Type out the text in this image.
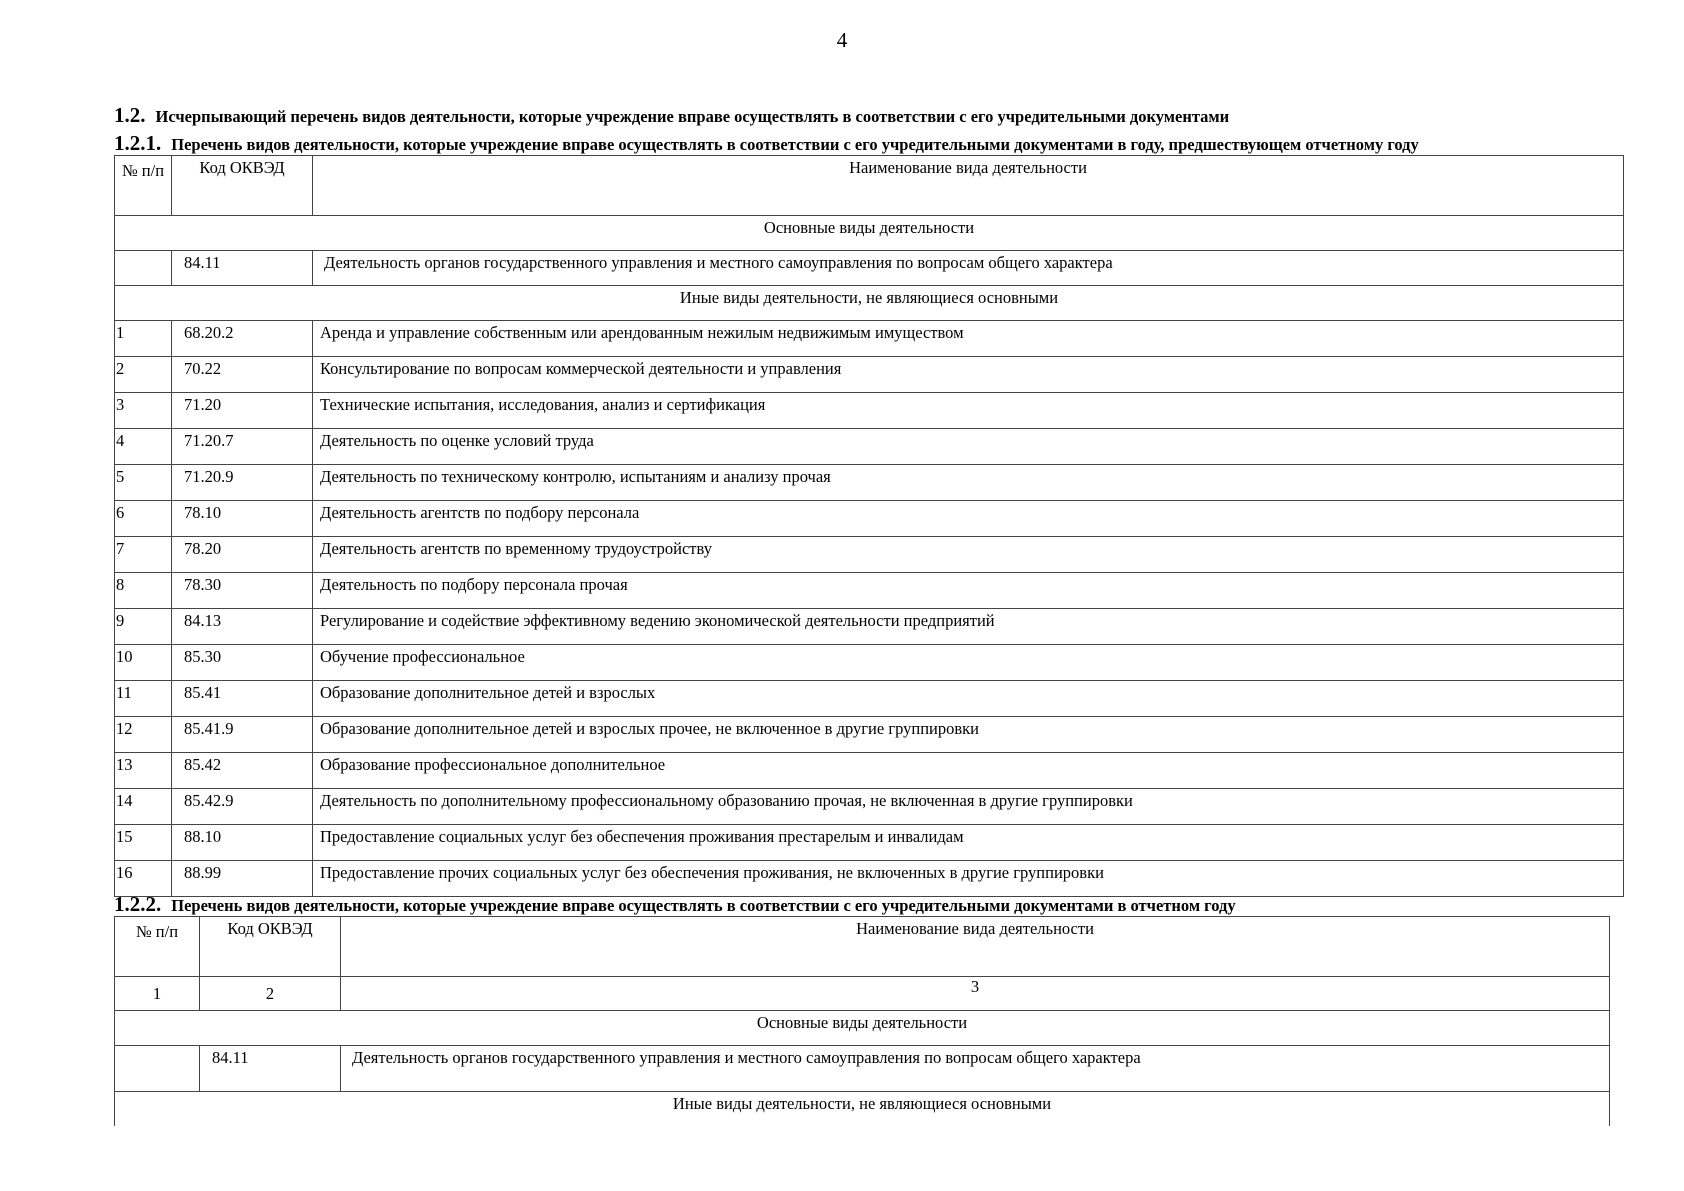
4
1.2. Исчерпывающий перечень видов деятельности, которые учреждение вправе осуществлять в соответствии с его учредительными документами
1.2.1. Перечень видов деятельности, которые учреждение вправе осуществлять в соответствии с его учредительными документами в году, предшествующем отчетному году
№ п/п	Код ОКВЭД	Наименование вида деятельности
Основные виды деятельности		
	84.11	Деятельность органов государственного управления и местного самоуправления по вопросам общего характера
Иные виды деятельности, не являющиеся основными		
1	68.20.2	Аренда и управление собственным или арендованным нежилым недвижимым имуществом
2	70.22	Консультирование по вопросам коммерческой деятельности и управления
3	71.20	Технические испытания, исследования, анализ и сертификация
4	71.20.7	Деятельность по оценке условий труда
5	71.20.9	Деятельность по техническому контролю, испытаниям и анализу прочая
6	78.10	Деятельность агентств по подбору персонала
7	78.20	Деятельность агентств по временному трудоустройству
8	78.30	Деятельность по подбору персонала прочая
9	84.13	Регулирование и содействие эффективному ведению экономической деятельности предприятий
10	85.30	Обучение профессиональное
11	85.41	Образование дополнительное детей и взрослых
12	85.41.9	Образование дополнительное детей и взрослых прочее, не включенное в другие группировки
13	85.42	Образование профессиональное дополнительное
14	85.42.9	Деятельность по дополнительному профессиональному образованию прочая, не включенная в другие группировки
15	88.10	Предоставление социальных услуг без обеспечения проживания престарелым и инвалидам
16	88.99	Предоставление прочих социальных услуг без обеспечения проживания, не включенных в другие группировки
1.2.2. Перечень видов деятельности, которые учреждение вправе осуществлять в соответствии с его учредительными документами в отчетном году
№ п/п	Код ОКВЭД	Наименование вида деятельности
1	2	3
Основные виды деятельности		
	84.11	Деятельность органов государственного управления и местного самоуправления по вопросам общего характера
Иные виды деятельности, не являющиеся основными		
